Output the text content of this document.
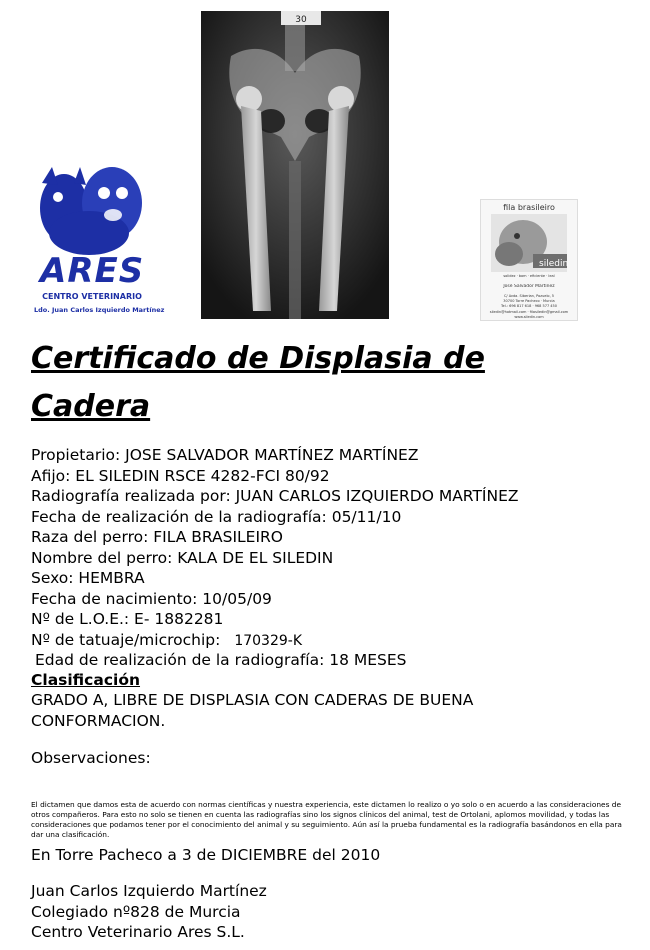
30
ARES
CENTRO VETERINARIO
Ldo. Juan Carlos Izquierdo Martínez
fila brasileiro
siledin
solidez · bom · eficiente · leal
José Salvador Martínez
C/ Avda. Siberian, Pozuelo, 5
30700 Torre Pacheco · Murcia
Tel.: 696 817 618 · 968 577 450
siledin@hotmail.com · filasiledin@gmail.com
www.siledin.com
Certificado de Displasia de Cadera
Propietario: JOSE SALVADOR MARTÍNEZ MARTÍNEZ
Afijo: EL SILEDIN RSCE 4282-FCI 80/92
Radiografía realizada por: JUAN CARLOS IZQUIERDO MARTÍNEZ
Fecha de realización de la radiografía: 05/11/10
Raza del perro: FILA BRASILEIRO
Nombre del perro: KALA DE EL SILEDIN
Sexo: HEMBRA
Fecha de nacimiento: 10/05/09
Nº de L.O.E.: E- 1882281
Nº de tatuaje/microchip: 170329-K
Edad de realización de la radiografía: 18 MESES
Clasificación
GRADO A, LIBRE DE DISPLASIA CON CADERAS DE BUENA
CONFORMACION.
Observaciones:
El dictamen que damos esta de acuerdo con normas científicas y nuestra experiencia, este dictamen lo realizo o yo solo o en acuerdo a las consideraciones de otros compañeros. Para esto no solo se tienen en cuenta las radiografías sino los signos clínicos del animal, test de Ortolani, aplomos movilidad, y todas las consideraciones que podamos tener por el conocimiento del animal y su seguimiento. Aún así la prueba fundamental es la radiografía basándonos en ella para dar una clasificación.
En Torre Pacheco a 3 de DICIEMBRE del 2010
Juan Carlos Izquierdo Martínez
Colegiado nº828 de Murcia
Centro Veterinario Ares S.L.
